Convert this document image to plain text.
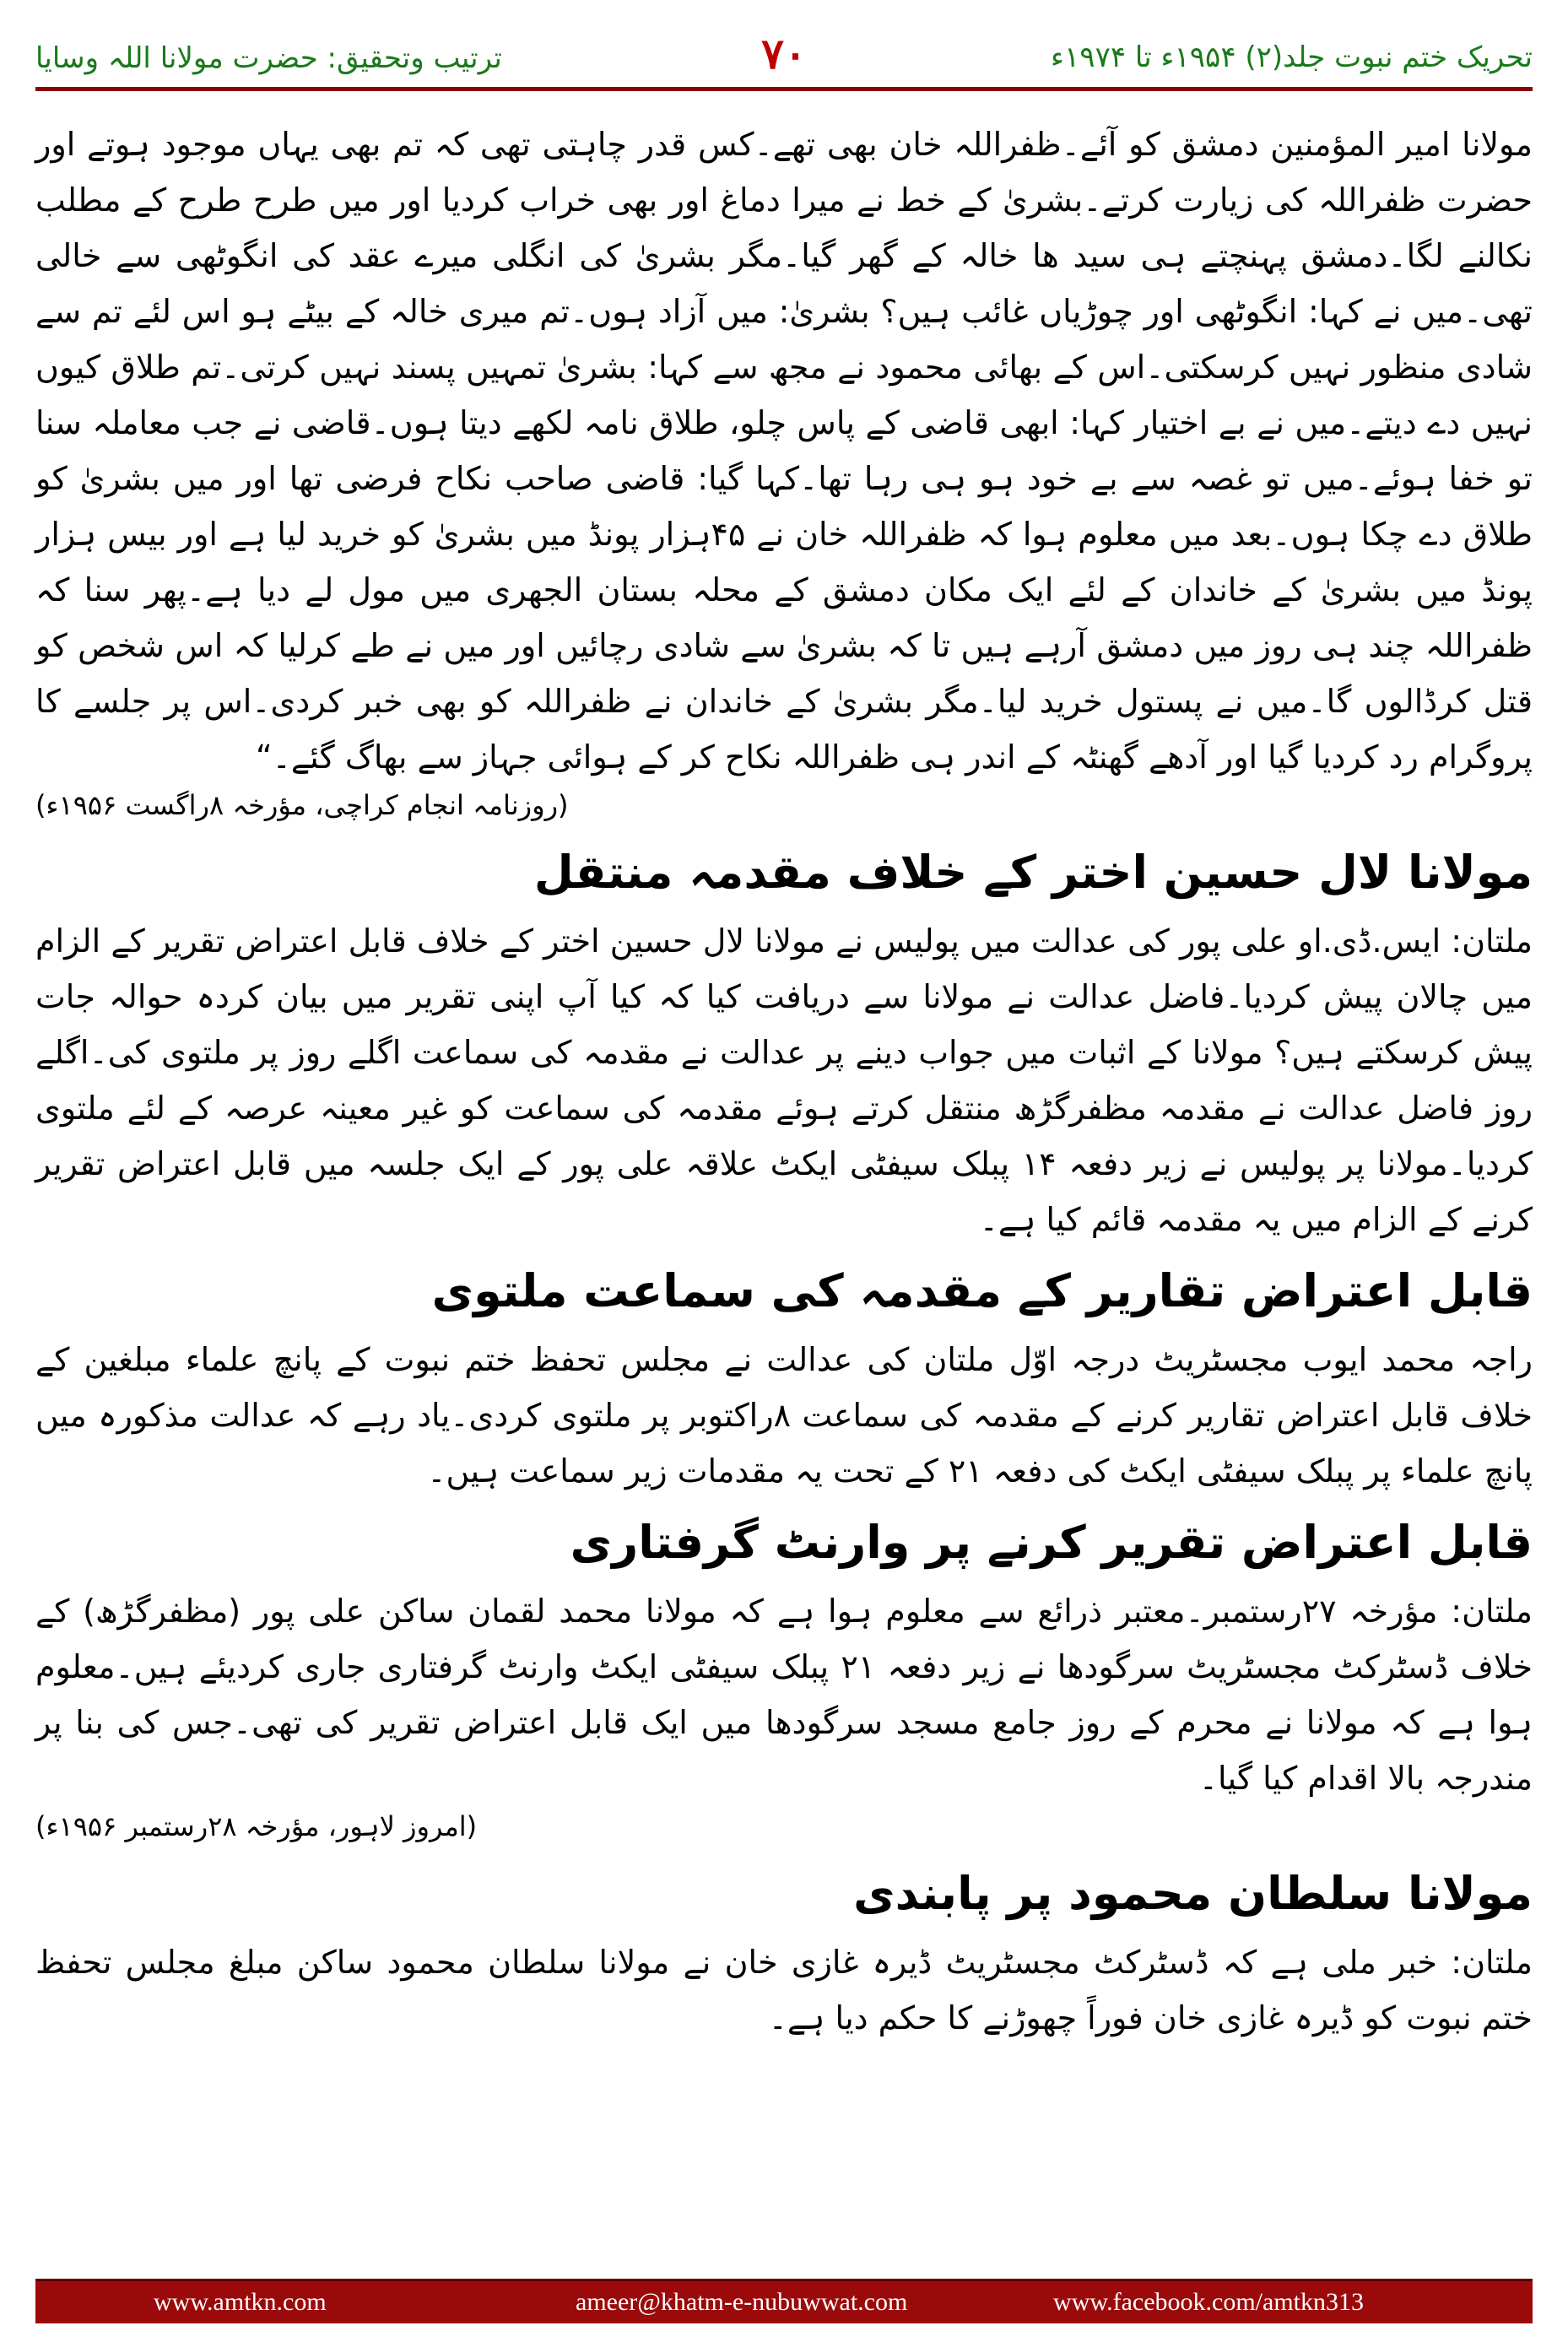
تحریک ختم نبوت جلد(۲) ۱۹۵۴ء تا ۱۹۷۴ء
۷۰
ترتیب وتحقیق: حضرت مولانا اللہ وسایا

مولانا امیر المؤمنین دمشق کو آئے۔ظفراللہ خان بھی تھے۔کس قدر چاہتی تھی کہ تم بھی یہاں موجود ہوتے اور حضرت ظفراللہ کی زیارت کرتے۔بشریٰ کے خط نے میرا دماغ اور بھی خراب کردیا اور میں طرح طرح کے مطلب نکالنے لگا۔دمشق پہنچتے ہی سید ھا خالہ کے گھر گیا۔مگر بشریٰ کی انگلی میرے عقد کی انگوٹھی سے خالی تھی۔میں نے کہا: انگوٹھی اور چوڑیاں غائب ہیں؟ بشریٰ: میں آزاد ہوں۔تم میری خالہ کے بیٹے ہو اس لئے تم سے شادی منظور نہیں کرسکتی۔اس کے بھائی محمود نے مجھ سے کہا: بشریٰ تمہیں پسند نہیں کرتی۔تم طلاق کیوں نہیں دے دیتے۔میں نے بے اختیار کہا: ابھی قاضی کے پاس چلو، طلاق نامہ لکھے دیتا ہوں۔قاضی نے جب معاملہ سنا تو خفا ہوئے۔میں تو غصہ سے بے خود ہو ہی رہا تھا۔کہا گیا: قاضی صاحب نکاح فرضی تھا اور میں بشریٰ کو طلاق دے چکا ہوں۔بعد میں معلوم ہوا کہ ظفراللہ خان نے ۴۵ہزار پونڈ میں بشریٰ کو خرید لیا ہے اور بیس ہزار پونڈ میں بشریٰ کے خاندان کے لئے ایک مکان دمشق کے محلہ بستان الجھری میں مول لے دیا ہے۔پھر سنا کہ ظفراللہ چند ہی روز میں دمشق آرہے ہیں تا کہ بشریٰ سے شادی رچائیں اور میں نے طے کرلیا کہ اس شخص کو قتل کرڈالوں گا۔میں نے پستول خرید لیا۔مگر بشریٰ کے خاندان نے ظفراللہ کو بھی خبر کردی۔اس پر جلسے کا پروگرام رد کردیا گیا اور آدھے گھنٹہ کے اندر ہی ظفراللہ نکاح کر کے ہوائی جہاز سے بھاگ گئے۔“

(روزنامہ انجام کراچی، مؤرخہ ۸راگست ۱۹۵۶ء)
مولانا لال حسین اختر کے خلاف مقدمہ منتقل

ملتان: ایس.ڈی.او علی پور کی عدالت میں پولیس نے مولانا لال حسین اختر کے خلاف قابل اعتراض تقریر کے الزام میں چالان پیش کردیا۔فاضل عدالت نے مولانا سے دریافت کیا کہ کیا آپ اپنی تقریر میں بیان کردہ حوالہ جات پیش کرسکتے ہیں؟ مولانا کے اثبات میں جواب دینے پر عدالت نے مقدمہ کی سماعت اگلے روز پر ملتوی کی۔اگلے روز فاضل عدالت نے مقدمہ مظفرگڑھ منتقل کرتے ہوئے مقدمہ کی سماعت کو غیر معینہ عرصہ کے لئے ملتوی کردیا۔مولانا پر پولیس نے زیر دفعہ ۱۴ پبلک سیفٹی ایکٹ علاقہ علی پور کے ایک جلسہ میں قابل اعتراض تقریر کرنے کے الزام میں یہ مقدمہ قائم کیا ہے۔

قابل اعتراض تقاریر کے مقدمہ کی سماعت ملتوی

راجہ محمد ایوب مجسٹریٹ درجہ اوّل ملتان کی عدالت نے مجلس تحفظ ختم نبوت کے پانچ علماء مبلغین کے خلاف قابل اعتراض تقاریر کرنے کے مقدمہ کی سماعت ۸راکتوبر پر ملتوی کردی۔یاد رہے کہ عدالت مذکورہ میں پانچ علماء پر پبلک سیفٹی ایکٹ کی دفعہ ۲۱ کے تحت یہ مقدمات زیر سماعت ہیں۔

قابل اعتراض تقریر کرنے پر وارنٹ گرفتاری

ملتان: مؤرخہ ۲۷رستمبر۔معتبر ذرائع سے معلوم ہوا ہے کہ مولانا محمد لقمان ساکن علی پور (مظفرگڑھ) کے خلاف ڈسٹرکٹ مجسٹریٹ سرگودھا نے زیر دفعہ ۲۱ پبلک سیفٹی ایکٹ وارنٹ گرفتاری جاری کردیئے ہیں۔معلوم ہوا ہے کہ مولانا نے محرم کے روز جامع مسجد سرگودھا میں ایک قابل اعتراض تقریر کی تھی۔جس کی بنا پر مندرجہ بالا اقدام کیا گیا۔

(امروز لاہور، مؤرخہ ۲۸رستمبر ۱۹۵۶ء)
مولانا سلطان محمود پر پابندی

ملتان: خبر ملی ہے کہ ڈسٹرکٹ مجسٹریٹ ڈیرہ غازی خان نے مولانا سلطان محمود ساکن مبلغ مجلس تحفظ ختم نبوت کو ڈیرہ غازی خان فوراً چھوڑنے کا حکم دیا ہے۔

www.amtkn.com	ameer@khatm-e-nubuwwat.com	www.facebook.com/amtkn313
